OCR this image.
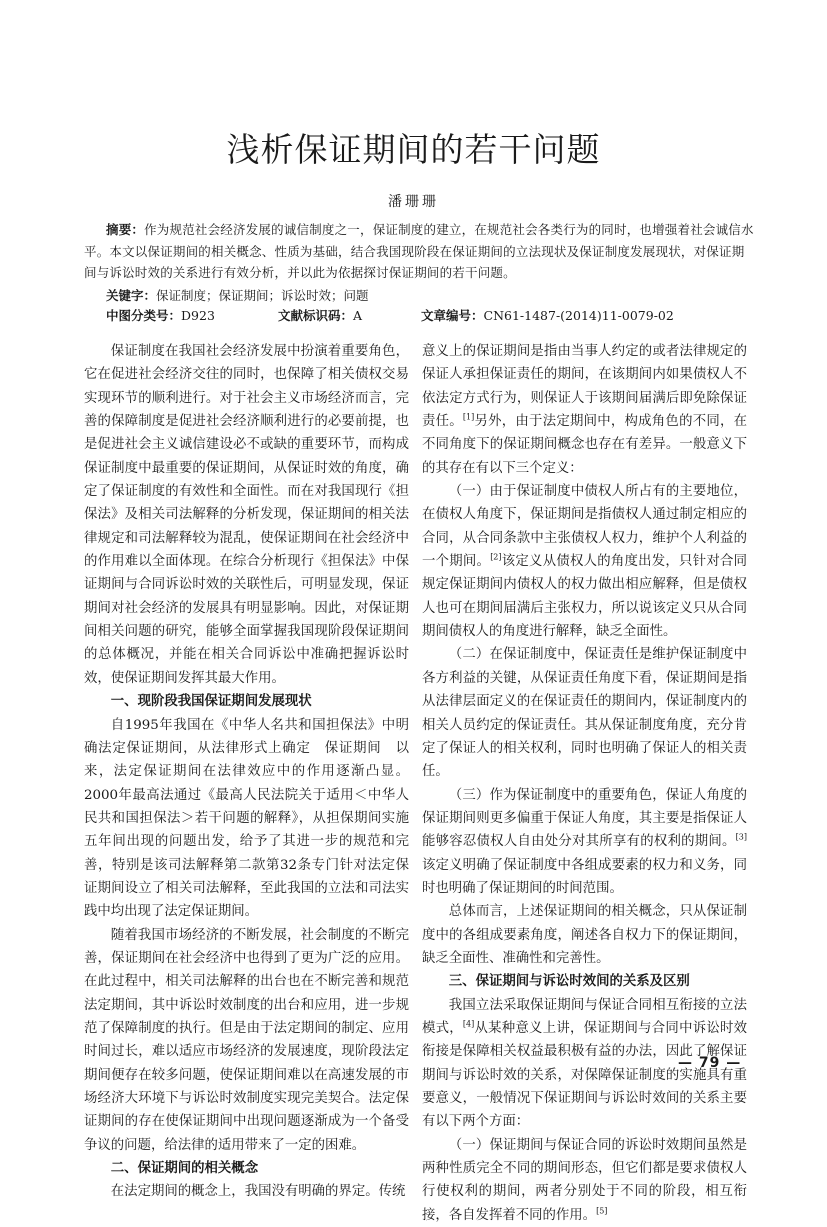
浅析保证期间的若干问题
潘珊珊
摘要：作为规范社会经济发展的诚信制度之一，保证制度的建立，在规范社会各类行为的同时，也增强着社会诚信水平。本文以保证期间的相关概念、性质为基础，结合我国现阶段在保证期间的立法现状及保证制度发展现状，对保证期间与诉讼时效的关系进行有效分析，并以此为依据探讨保证期间的若干问题。
关键字：保证制度；保证期间；诉讼时效；问题
中图分类号：D923	文献标识码：A	文章编号：CN61-1487-(2014)11-0079-02

保证制度在我国社会经济发展中扮演着重要角色，它在促进社会经济交往的同时，也保障了相关债权交易实现环节的顺利进行。对于社会主义市场经济而言，完善的保障制度是促进社会经济顺利进行的必要前提，也是促进社会主义诚信建设必不或缺的重要环节，而构成保证制度中最重要的保证期间，从保证时效的角度，确定了保证制度的有效性和全面性。而在对我国现行《担保法》及相关司法解释的分析发现，保证期间的相关法律规定和司法解释较为混乱，使保证期间在社会经济中的作用难以全面体现。在综合分析现行《担保法》中保证期间与合同诉讼时效的关联性后，可明显发现，保证期间对社会经济的发展具有明显影响。因此，对保证期间相关问题的研究，能够全面掌握我国现阶段保证期间的总体概况，并能在相关合同诉讼中准确把握诉讼时效，使保证期间发挥其最大作用。

一、现阶段我国保证期间发展现状

自1995年我国在《中华人名共和国担保法》中明确法定保证期间，从法律形式上确定　保证期间　以来，法定保证期间在法律效应中的作用逐渐凸显。2000年最高法通过《最高人民法院关于适用＜中华人民共和国担保法＞若干问题的解释》，从担保期间实施五年间出现的问题出发，给予了其进一步的规范和完善，特别是该司法解释第二款第32条专门针对法定保证期间设立了相关司法解释，至此我国的立法和司法实践中均出现了法定保证期间。

随着我国市场经济的不断发展，社会制度的不断完善，保证期间在社会经济中也得到了更为广泛的应用。在此过程中，相关司法解释的出台也在不断完善和规范法定期间，其中诉讼时效制度的出台和应用，进一步规范了保障制度的执行。但是由于法定期间的制定、应用时间过长，难以适应市场经济的发展速度，现阶段法定期间便存在较多问题，使保证期间难以在高速发展的市场经济大环境下与诉讼时效制度实现完美契合。法定保证期间的存在使保证期间中出现问题逐渐成为一个备受争议的问题，给法律的适用带来了一定的困难。

二、保证期间的相关概念

在法定期间的概念上，我国没有明确的界定。传统

意义上的保证期间是指由当事人约定的或者法律规定的保证人承担保证责任的期间，在该期间内如果债权人不依法定方式行为，则保证人于该期间届满后即免除保证责任。[1]另外，由于法定期间中，构成角色的不同，在不同角度下的保证期间概念也存在有差异。一般意义下的其存在有以下三个定义：

（一）由于保证制度中债权人所占有的主要地位，在债权人角度下，保证期间是指债权人通过制定相应的合同，从合同条款中主张债权人权力，维护个人利益的一个期间。[2]该定义从债权人的角度出发，只针对合同规定保证期间内债权人的权力做出相应解释，但是债权人也可在期间届满后主张权力，所以说该定义只从合同期间债权人的角度进行解释，缺乏全面性。

（二）在保证制度中，保证责任是维护保证制度中各方利益的关键，从保证责任角度下看，保证期间是指从法律层面定义的在保证责任的期间内，保证制度内的相关人员约定的保证责任。其从保证制度角度，充分肯定了保证人的相关权利，同时也明确了保证人的相关责任。

（三）作为保证制度中的重要角色，保证人角度的保证期间则更多偏重于保证人角度，其主要是指保证人能够容忍债权人自由处分对其所享有的权利的期间。[3]该定义明确了保证制度中各组成要素的权力和义务，同时也明确了保证期间的时间范围。

总体而言，上述保证期间的相关概念，只从保证制度中的各组成要素角度，阐述各自权力下的保证期间，缺乏全面性、准确性和完善性。

三、保证期间与诉讼时效间的关系及区别

我国立法采取保证期间与保证合同相互衔接的立法模式，[4]从某种意义上讲，保证期间与合同中诉讼时效衔接是保障相关权益最积极有益的办法，因此了解保证期间与诉讼时效的关系，对保障保证制度的实施具有重要意义，一般情况下保证期间与诉讼时效间的关系主要有以下两个方面：

（一）保证期间与保证合同的诉讼时效期间虽然是两种性质完全不同的期间形态，但它们都是要求债权人行使权利的期间，两者分别处于不同的阶段，相互衔接，各自发挥着不同的作用。[5]

— 79 —
